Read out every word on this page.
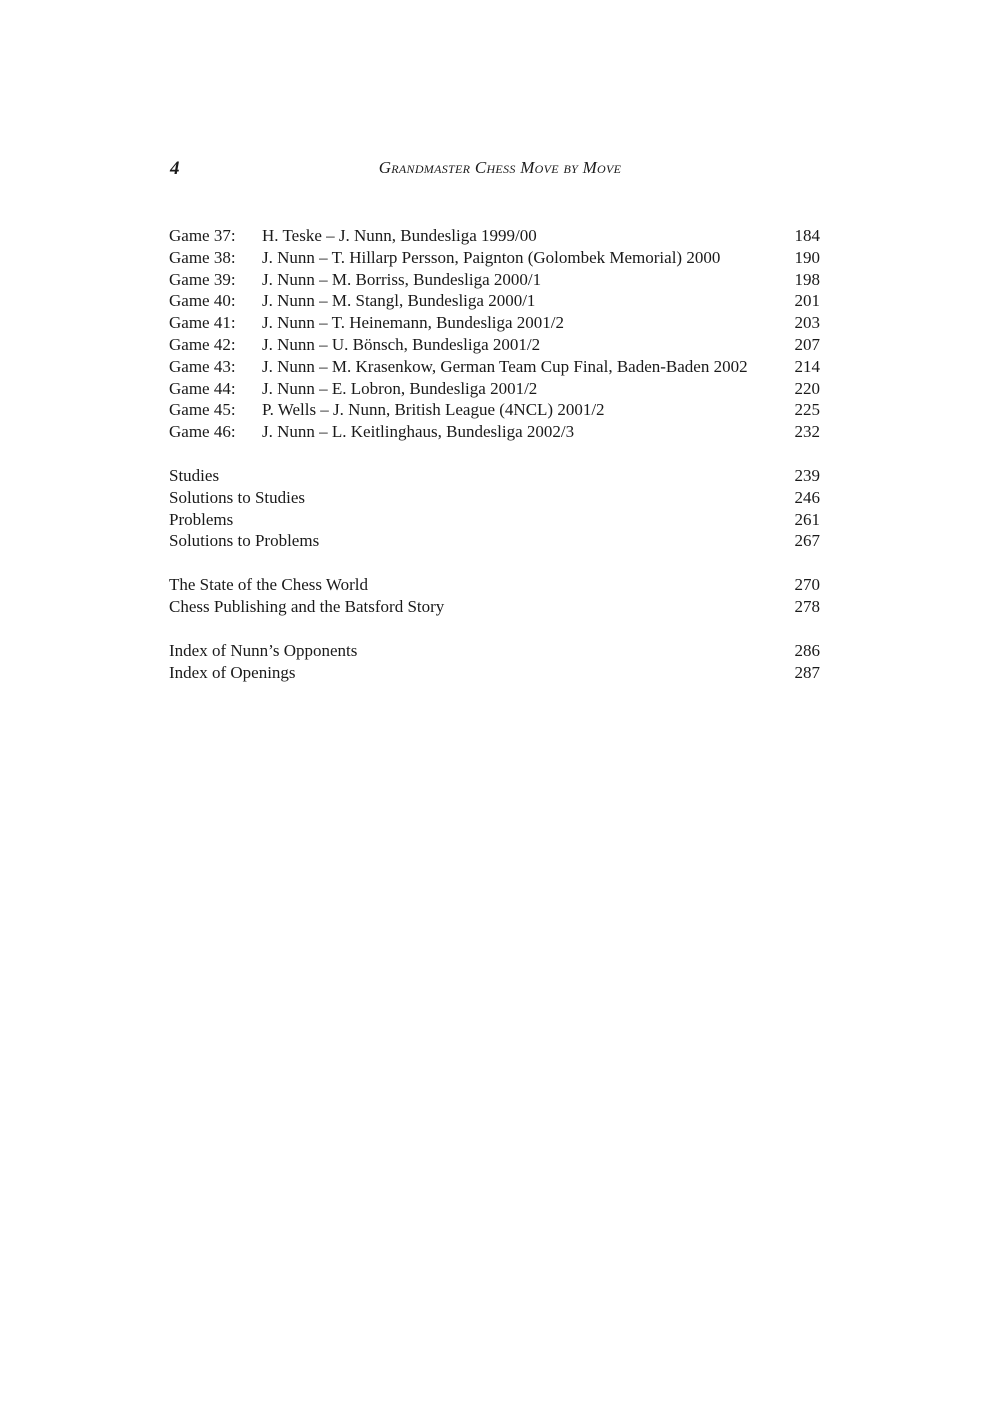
4	Grandmaster Chess Move by Move
Game 37:	H. Teske – J. Nunn, Bundesliga 1999/00	184
Game 38:	J. Nunn – T. Hillarp Persson, Paignton (Golombek Memorial) 2000	190
Game 39:	J. Nunn – M. Borriss, Bundesliga 2000/1	198
Game 40:	J. Nunn – M. Stangl, Bundesliga 2000/1	201
Game 41:	J. Nunn – T. Heinemann, Bundesliga 2001/2	203
Game 42:	J. Nunn – U. Bönsch, Bundesliga 2001/2	207
Game 43:	J. Nunn – M. Krasenkow, German Team Cup Final, Baden-Baden 2002	214
Game 44:	J. Nunn – E. Lobron, Bundesliga 2001/2	220
Game 45:	P. Wells – J. Nunn, British League (4NCL) 2001/2	225
Game 46:	J. Nunn – L. Keitlinghaus, Bundesliga 2002/3	232
Studies	239
Solutions to Studies	246
Problems	261
Solutions to Problems	267
The State of the Chess World	270
Chess Publishing and the Batsford Story	278
Index of Nunn’s Opponents	286
Index of Openings	287
